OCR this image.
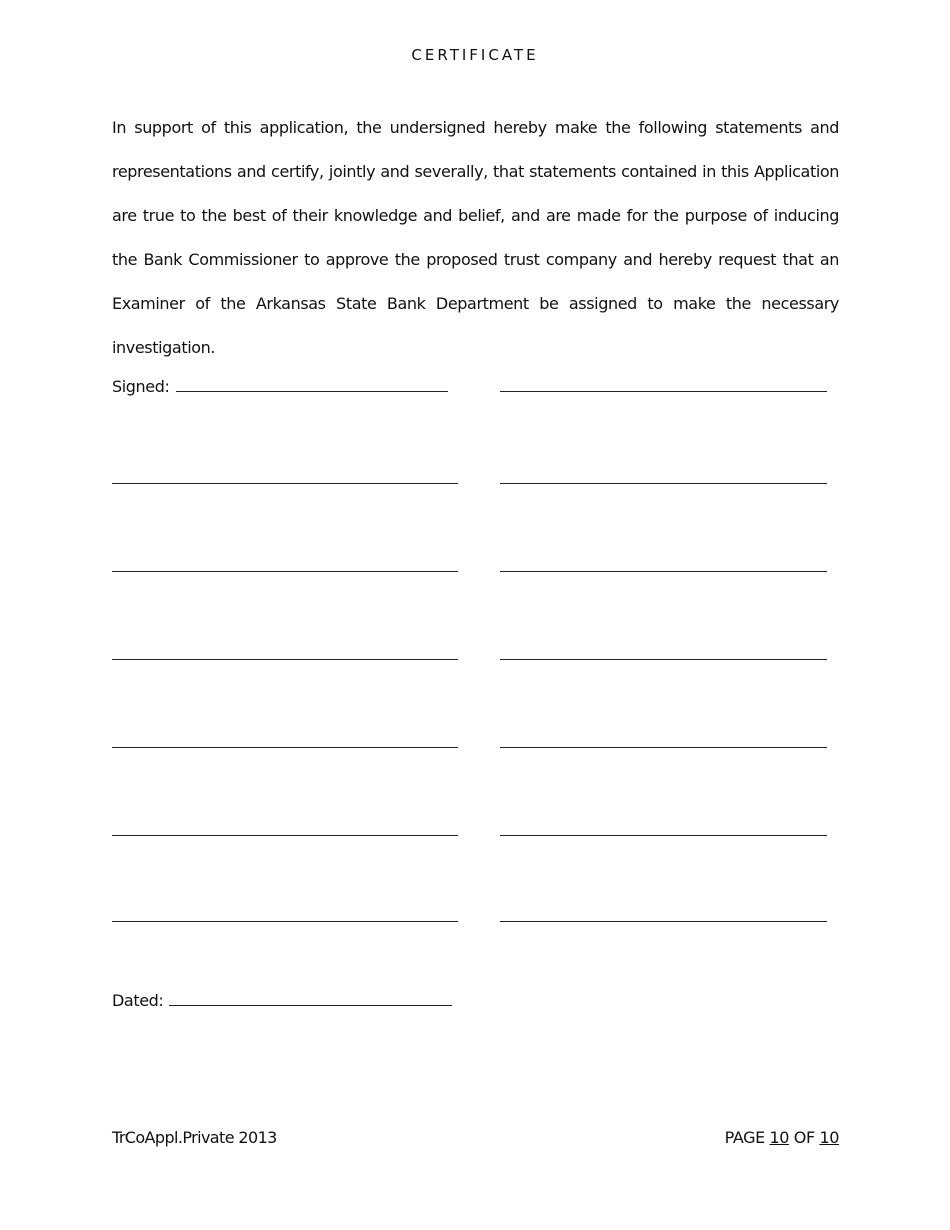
CERTIFICATE
In support of this application, the undersigned hereby make the following statements and representations and certify, jointly and severally, that statements contained in this Application are true to the best of their knowledge and belief, and are made for the purpose of inducing the Bank Commissioner to approve the proposed trust company and hereby request that an Examiner of the Arkansas State Bank Department be assigned to make the necessary investigation.
Signed:
Dated:
TrCoAppl.Private 2013	PAGE 10 OF 10
